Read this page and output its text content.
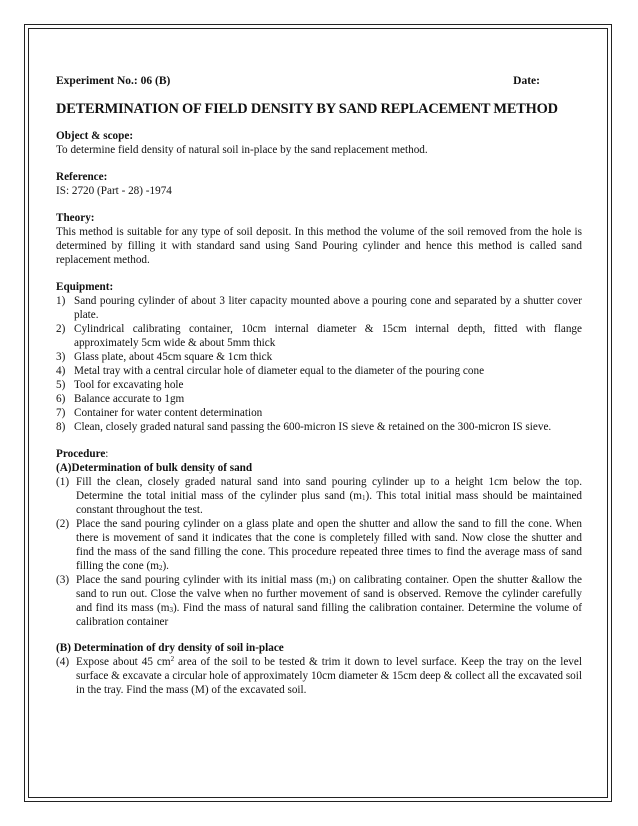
Experiment No.: 06 (B)	Date:
DETERMINATION OF FIELD DENSITY BY SAND REPLACEMENT METHOD
Object & scope:
To determine field density of natural soil in-place by the sand replacement method.
Reference:
IS: 2720 (Part - 28) -1974
Theory:
This method is suitable for any type of soil deposit. In this method the volume of the soil removed from the hole is determined by filling it with standard sand using Sand Pouring cylinder and hence this method is called sand replacement method.
Equipment:
1) Sand pouring cylinder of about 3 liter capacity mounted above a pouring cone and separated by a shutter cover plate.
2) Cylindrical calibrating container, 10cm internal diameter & 15cm internal depth, fitted with flange approximately 5cm wide & about 5mm thick
3) Glass plate, about 45cm square & 1cm thick
4) Metal tray with a central circular hole of diameter equal to the diameter of the pouring cone
5) Tool for excavating hole
6) Balance accurate to 1gm
7) Container for water content determination
8) Clean, closely graded natural sand passing the 600-micron IS sieve & retained on the 300-micron IS sieve.
Procedure:
(A)Determination of bulk density of sand
(1) Fill the clean, closely graded natural sand into sand pouring cylinder up to a height 1cm below the top. Determine the total initial mass of the cylinder plus sand $(m_1)$. This total initial mass should be maintained constant throughout the test.
(2) Place the sand pouring cylinder on a glass plate and open the shutter and allow the sand to fill the cone. When there is movement of sand it indicates that the cone is completely filled with sand. Now close the shutter and find the mass of the sand filling the cone. This procedure repeated three times to find the average mass of sand filling the cone $(m_2)$.
(3) Place the sand pouring cylinder with its initial mass $(m_1)$ on calibrating container. Open the shutter &allow the sand to run out. Close the valve when no further movement of sand is observed. Remove the cylinder carefully and find its mass $(m_3)$. Find the mass of natural sand filling the calibration container. Determine the volume of calibration container
(B) Determination of dry density of soil in-place
(4) Expose about 45 $cm^2$ area of the soil to be tested & trim it down to level surface. Keep the tray on the level surface & excavate a circular hole of approximately 10cm diameter & 15cm deep & collect all the excavated soil in the tray. Find the mass (M) of the excavated soil.
